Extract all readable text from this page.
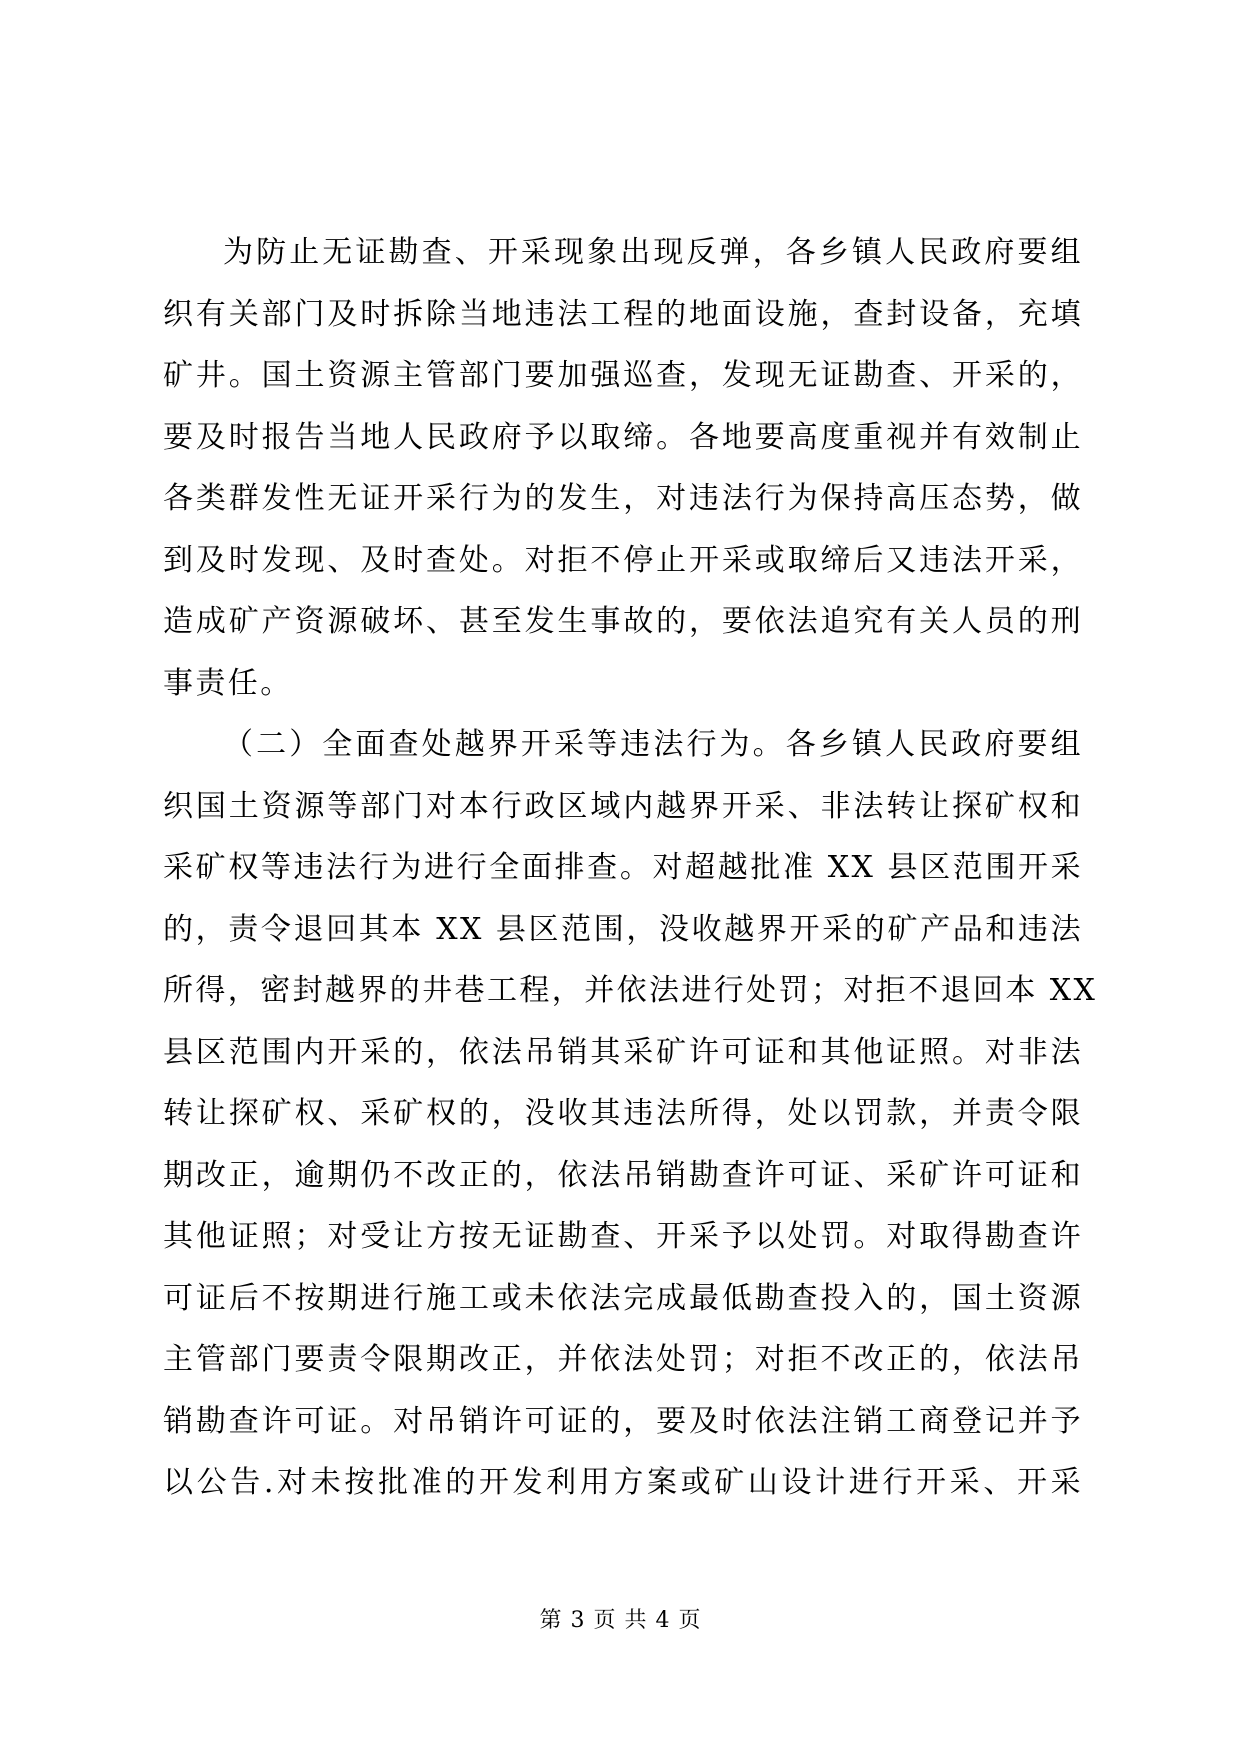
为防止无证勘查、开采现象出现反弹，各乡镇人民政府要组
织有关部门及时拆除当地违法工程的地面设施，查封设备，充填
矿井。国土资源主管部门要加强巡查，发现无证勘查、开采的，
要及时报告当地人民政府予以取缔。各地要高度重视并有效制止
各类群发性无证开采行为的发生，对违法行为保持高压态势，做
到及时发现、及时查处。对拒不停止开采或取缔后又违法开采，
造成矿产资源破坏、甚至发生事故的，要依法追究有关人员的刑
事责任。
（二）全面查处越界开采等违法行为。各乡镇人民政府要组
织国土资源等部门对本行政区域内越界开采、非法转让探矿权和
采矿权等违法行为进行全面排查。对超越批准 XX 县区范围开采
的，责令退回其本 XX 县区范围，没收越界开采的矿产品和违法
所得，密封越界的井巷工程，并依法进行处罚；对拒不退回本 XX
县区范围内开采的，依法吊销其采矿许可证和其他证照。对非法
转让探矿权、采矿权的，没收其违法所得，处以罚款，并责令限
期改正，逾期仍不改正的，依法吊销勘查许可证、采矿许可证和
其他证照；对受让方按无证勘查、开采予以处罚。对取得勘查许
可证后不按期进行施工或未依法完成最低勘查投入的，国土资源
主管部门要责令限期改正，并依法处罚；对拒不改正的，依法吊
销勘查许可证。对吊销许可证的，要及时依法注销工商登记并予
以公告.对未按批准的开发利用方案或矿山设计进行开采、开采
第 3 页 共 4 页
